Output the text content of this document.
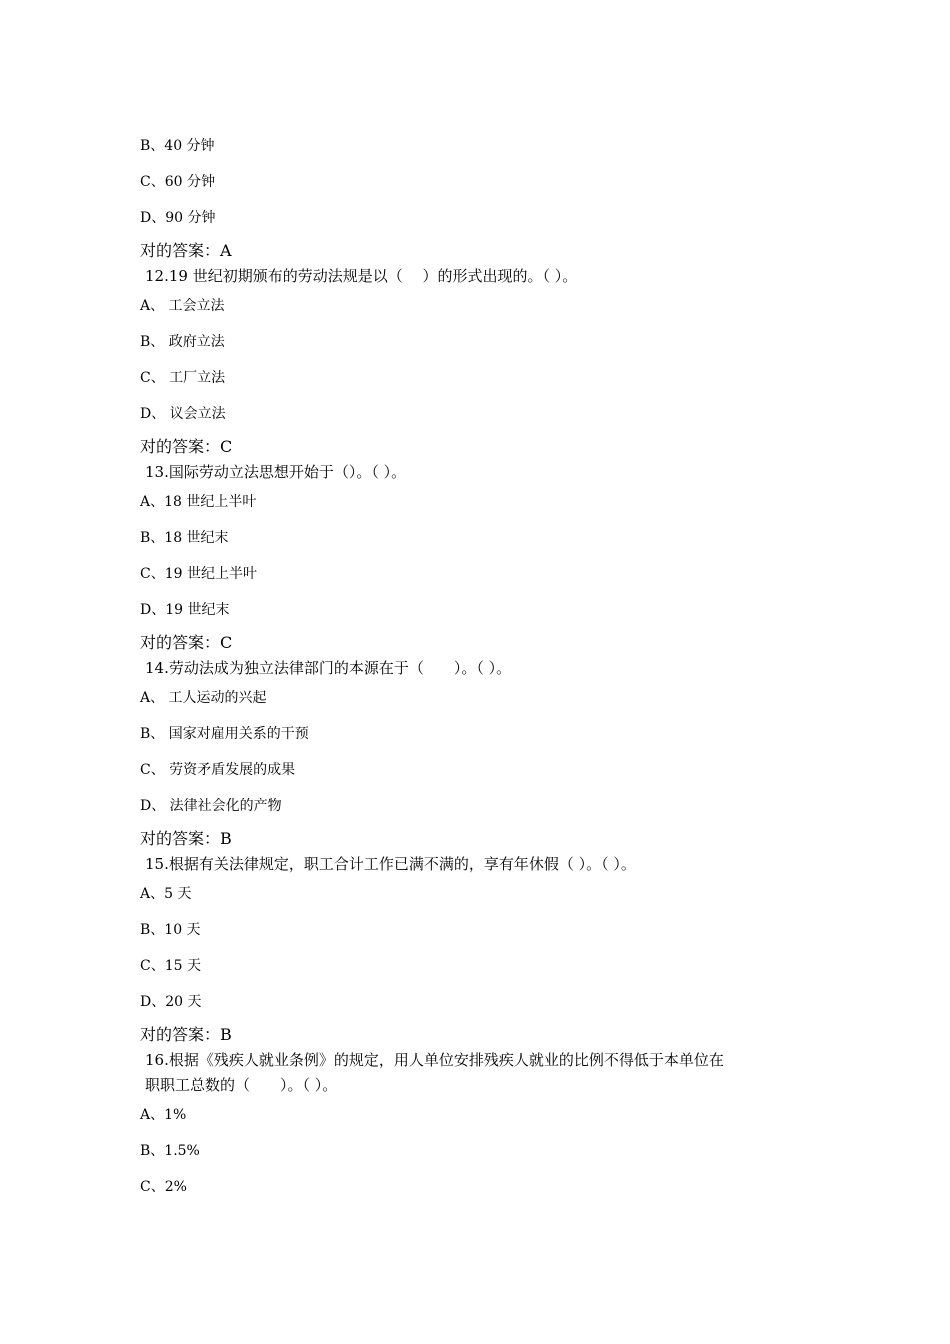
B、40 分钟
C、60 分钟
D、90 分钟
对的答案：A
12.19 世纪初期颁布的劳动法规是以（　 ）的形式出现的。（ ）。
A、 工会立法
B、 政府立法
C、 工厂立法
D、 议会立法
对的答案：C
13.国际劳动立法思想开始于（）。（ ）。
A、18 世纪上半叶
B、18 世纪末
C、19 世纪上半叶
D、19 世纪末
对的答案：C
14.劳动法成为独立法律部门的本源在于（　　）。（ ）。
A、 工人运动的兴起
B、 国家对雇用关系的干预
C、 劳资矛盾发展的成果
D、 法律社会化的产物
对的答案：B
15.根据有关法律规定，职工合计工作已满不满的，享有年休假（ ）。（ ）。
A、5 天
B、10 天
C、15 天
D、20 天
对的答案：B
16.根据《残疾人就业条例》的规定，用人单位安排残疾人就业的比例不得低于本单位在
职职工总数的（　　）。（ ）。
A、1%
B、1.5%
C、2%
